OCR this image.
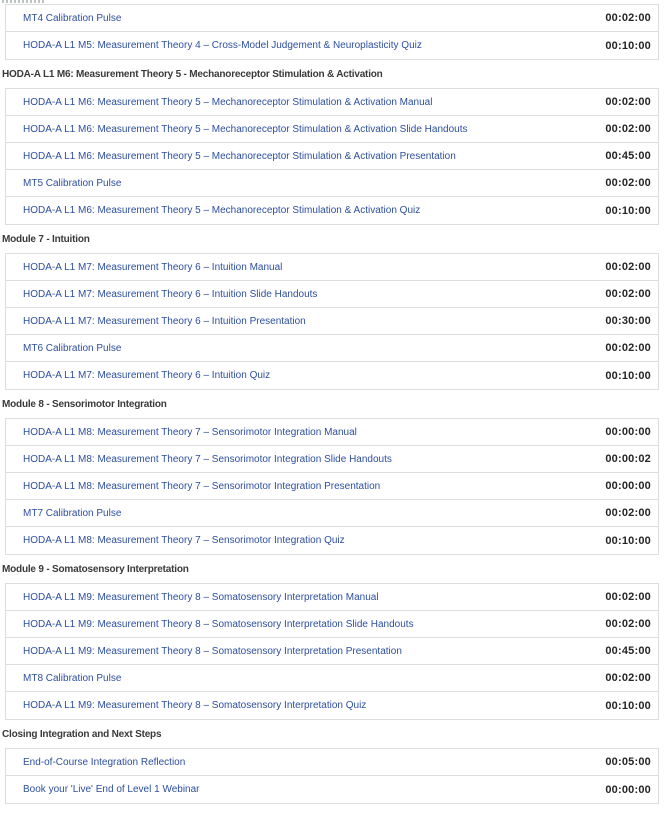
MT4 Calibration Pulse	00:02:00
HODA-A L1 M5: Measurement Theory 4 – Cross-Model Judgement & Neuroplasticity Quiz	00:10:00
HODA-A L1 M6: Measurement Theory 5 - Mechanoreceptor Stimulation & Activation
HODA-A L1 M6: Measurement Theory 5 – Mechanoreceptor Stimulation & Activation Manual	00:02:00
HODA-A L1 M6: Measurement Theory 5 – Mechanoreceptor Stimulation & Activation Slide Handouts	00:02:00
HODA-A L1 M6: Measurement Theory 5 – Mechanoreceptor Stimulation & Activation Presentation	00:45:00
MT5 Calibration Pulse	00:02:00
HODA-A L1 M6: Measurement Theory 5 – Mechanoreceptor Stimulation & Activation Quiz	00:10:00
Module 7 - Intuition
HODA-A L1 M7: Measurement Theory 6 – Intuition Manual	00:02:00
HODA-A L1 M7: Measurement Theory 6 – Intuition Slide Handouts	00:02:00
HODA-A L1 M7: Measurement Theory 6 – Intuition Presentation	00:30:00
MT6 Calibration Pulse	00:02:00
HODA-A L1 M7: Measurement Theory 6 – Intuition Quiz	00:10:00
Module 8 - Sensorimotor Integration
HODA-A L1 M8: Measurement Theory 7 – Sensorimotor Integration Manual	00:00:00
HODA-A L1 M8: Measurement Theory 7 – Sensorimotor Integration Slide Handouts	00:00:02
HODA-A L1 M8: Measurement Theory 7 – Sensorimotor Integration Presentation	00:00:00
MT7 Calibration Pulse	00:02:00
HODA-A L1 M8: Measurement Theory 7 – Sensorimotor Integration Quiz	00:10:00
Module 9 - Somatosensory Interpretation
HODA-A L1 M9: Measurement Theory 8 – Somatosensory Interpretation Manual	00:02:00
HODA-A L1 M9: Measurement Theory 8 – Somatosensory Interpretation Slide Handouts	00:02:00
HODA-A L1 M9: Measurement Theory 8 – Somatosensory Interpretation Presentation	00:45:00
MT8 Calibration Pulse	00:02:00
HODA-A L1 M9: Measurement Theory 8 – Somatosensory Interpretation Quiz	00:10:00
Closing Integration and Next Steps
End-of-Course Integration Reflection	00:05:00
Book your 'Live' End of Level 1 Webinar	00:00:00
